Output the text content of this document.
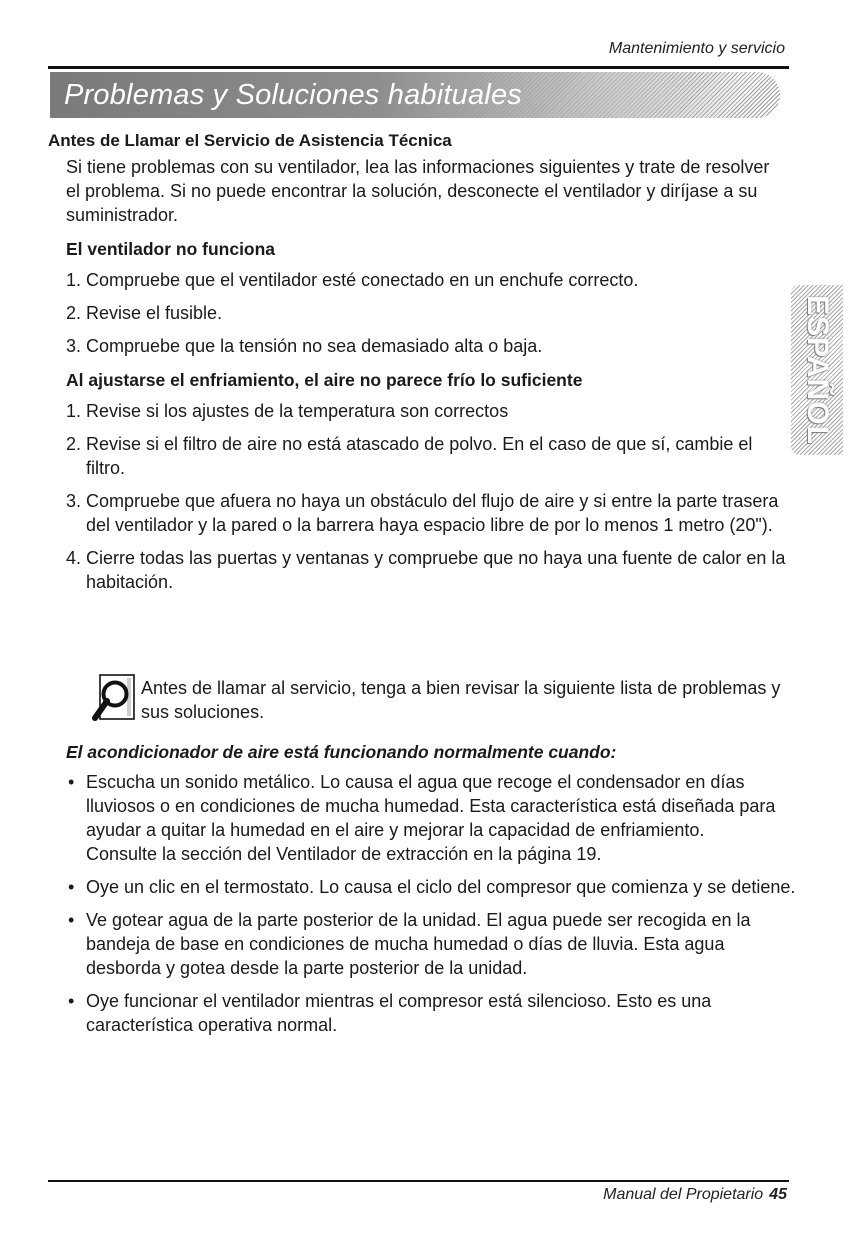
Mantenimiento y servicio
Problemas y Soluciones habituales
Antes de Llamar el Servicio de Asistencia Técnica

Si tiene problemas con su ventilador, lea las informaciones siguientes y trate de resolver el problema. Si no puede encontrar la solución, desconecte el ventilador y diríjase a su suministrador.

El ventilador no funciona

1. Compruebe que el ventilador esté conectado en un enchufe correcto.
2. Revise el fusible.
3. Compruebe que la tensión no sea demasiado alta o baja.

Al ajustarse el enfriamiento, el aire no parece frío lo suficiente

1. Revise si los ajustes de la temperatura son correctos
2. Revise si el filtro de aire no está atascado de polvo. En el caso de que sí, cambie el filtro.
3. Compruebe que afuera no haya un obstáculo del flujo de aire y si entre la parte trasera del ventilador y la pared o la barrera haya espacio libre de por lo menos 1 metro (20").
4. Cierre todas las puertas y ventanas y compruebe que no haya una fuente de calor en la habitación.
Antes de llamar al servicio, tenga a bien revisar la siguiente lista de problemas y sus soluciones.
El acondicionador de aire está funcionando normalmente cuando:
• Escucha un sonido metálico. Lo causa el agua que recoge el condensador en días lluviosos o en condiciones de mucha humedad. Esta característica está diseñada para ayudar a quitar la humedad en el aire y mejorar la capacidad de enfriamiento.
Consulte la sección del Ventilador de extracción en la página 19.
• Oye un clic en el termostato. Lo causa el ciclo del compresor que comienza y se detiene.
• Ve gotear agua de la parte posterior de la unidad. El agua puede ser recogida en la bandeja de base en condiciones de mucha humedad o días de lluvia. Esta agua desborda y gotea desde la parte posterior de la unidad.
• Oye funcionar el ventilador mientras el compresor está silencioso. Esto es una característica operativa normal.
ESPAÑOL
Manual del Propietario 45
